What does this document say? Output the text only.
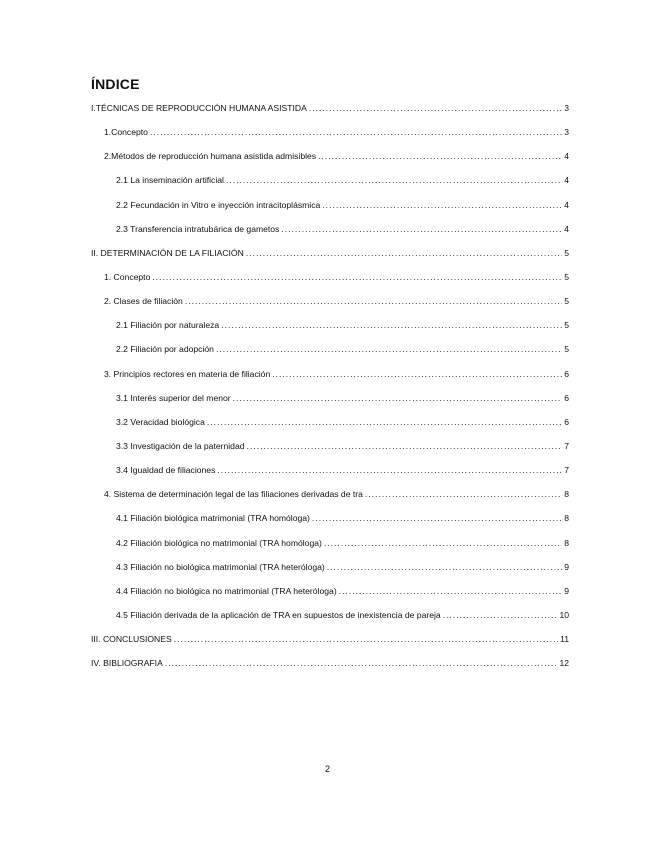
ÍNDICE
I.TÉCNICAS DE REPRODUCCIÓN HUMANA ASISTIDA .....	3
1.Concepto .....	3
2.Métodos de reproducción humana asistida admisibles .....	4
2.1 La inseminación artificial .....	4
2.2 Fecundación in Vitro e inyección intracitoplásmica .....	4
2.3 Transferencia intratubárica de gametos .....	4
II. DETERMINACIÓN DE LA FILIACIÓN .....	5
1. Concepto .....	5
2. Clases de filiación .....	5
2.1 Filiación por naturaleza .....	5
2.2 Filiación por adopción .....	5
3. Principios rectores en materia de filiación .....	6
3.1 Interés superior del menor .....	6
3.2 Veracidad biológica .....	6
3.3 Investigación de la paternidad .....	7
3.4 Igualdad de filiaciones .....	7
4. Sistema de determinación legal de las filiaciones derivadas de tra .....	8
4.1 Filiación biológica matrimonial (TRA homóloga) .....	8
4.2 Filiación biológica no matrimonial (TRA homóloga) .....	8
4.3 Filiación no biológica matrimonial (TRA heteróloga) .....	9
4.4 Filiación no biológica no matrimonial (TRA heteróloga) .....	9
4.5 Filiación derivada de la aplicación de TRA en supuestos de inexistencia de pareja .....	10
III. CONCLUSIONES .....	11
IV. BIBLIOGRAFIA .....	12
2
